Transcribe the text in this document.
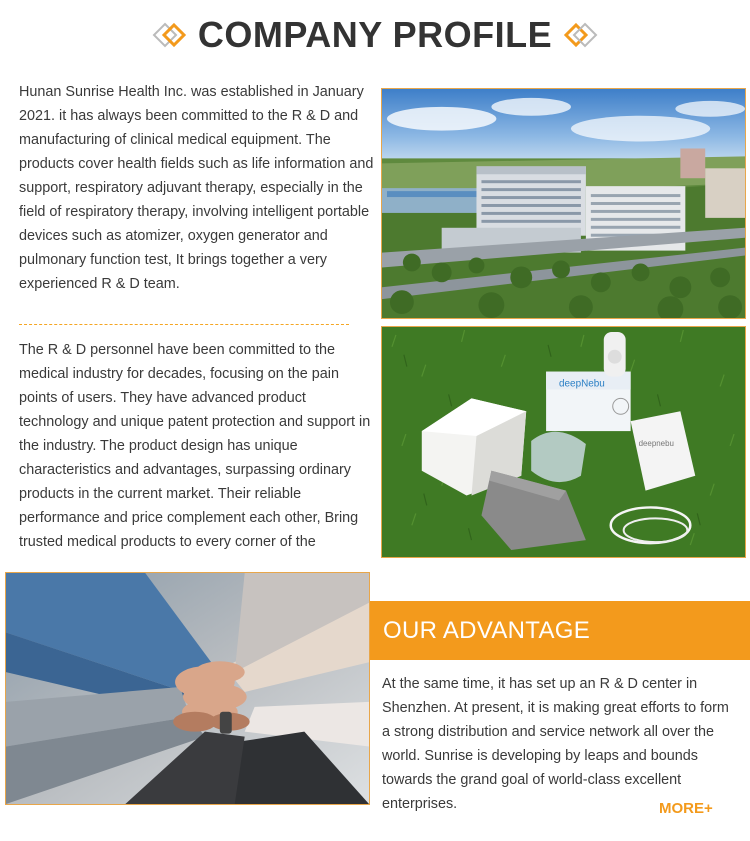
COMPANY PROFILE

Hunan Sunrise Health Inc. was established in January 2021. it has always been committed to the R & D and manufacturing of clinical medical equipment. The products cover health fields such as life information and support, respiratory adjuvant therapy, especially in the field of respiratory therapy, involving intelligent portable devices such as atomizer, oxygen generator and pulmonary function test, It brings together a very experienced R & D team.

The R & D personnel have been committed to the medical industry for decades, focusing on the pain points of users. They have advanced product technology and unique patent protection and support in the industry. The product design has unique characteristics and advantages, surpassing ordinary products in the current market. Their reliable performance and price complement each other, Bring trusted medical products to every corner of the

deepNebu
deepnebu
OUR ADVANTAGE

At the same time, it has set up an R & D center in Shenzhen. At present, it is making great efforts to form a strong distribution and service network all over the world. Sunrise is developing by leaps and bounds towards the grand goal of world-class excellent enterprises.	MORE+
